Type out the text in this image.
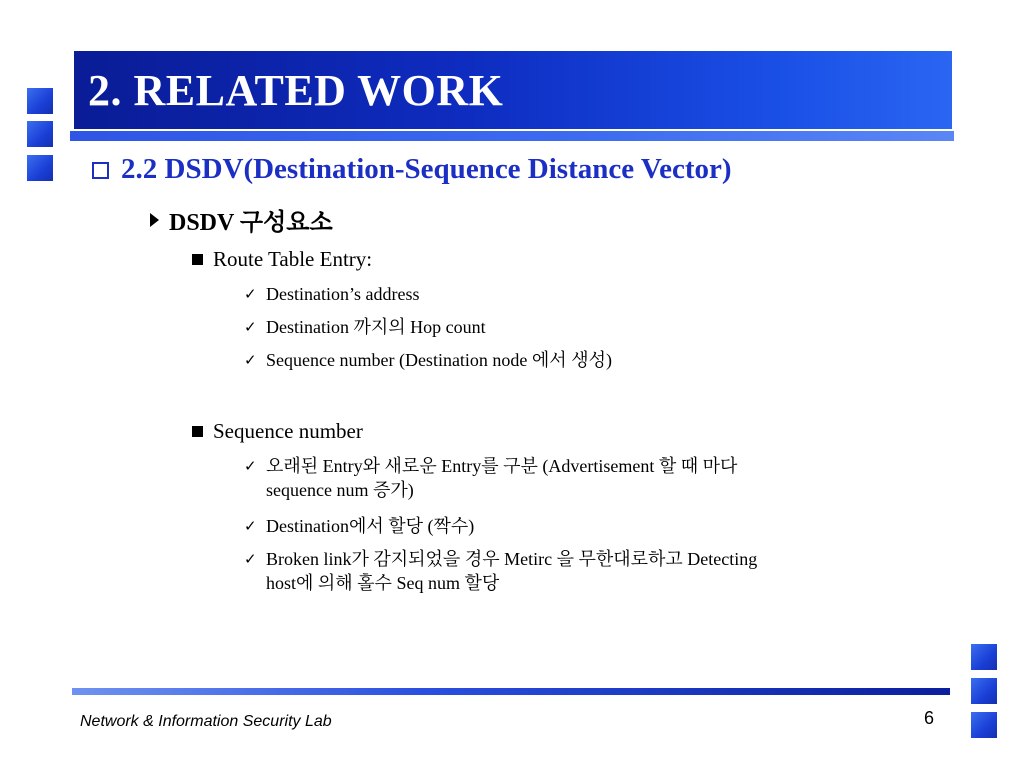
2. RELATED WORK
2.2 DSDV(Destination-Sequence Distance Vector)
DSDV 구성요소
Route Table Entry:
✓ Destination’s address
✓ Destination 까지의 Hop count
✓ Sequence number (Destination node 에서 생성)
Sequence number
✓ 오래된 Entry와 새로운 Entry를 구분 (Advertisement 할 때 마다
sequence num 증가)
✓ Destination에서 할당 (짝수)
✓ Broken link가 감지되었을 경우 Metirc 을 무한대로하고 Detecting
host에 의해 홀수 Seq num 할당
Network & Information Security Lab	6
